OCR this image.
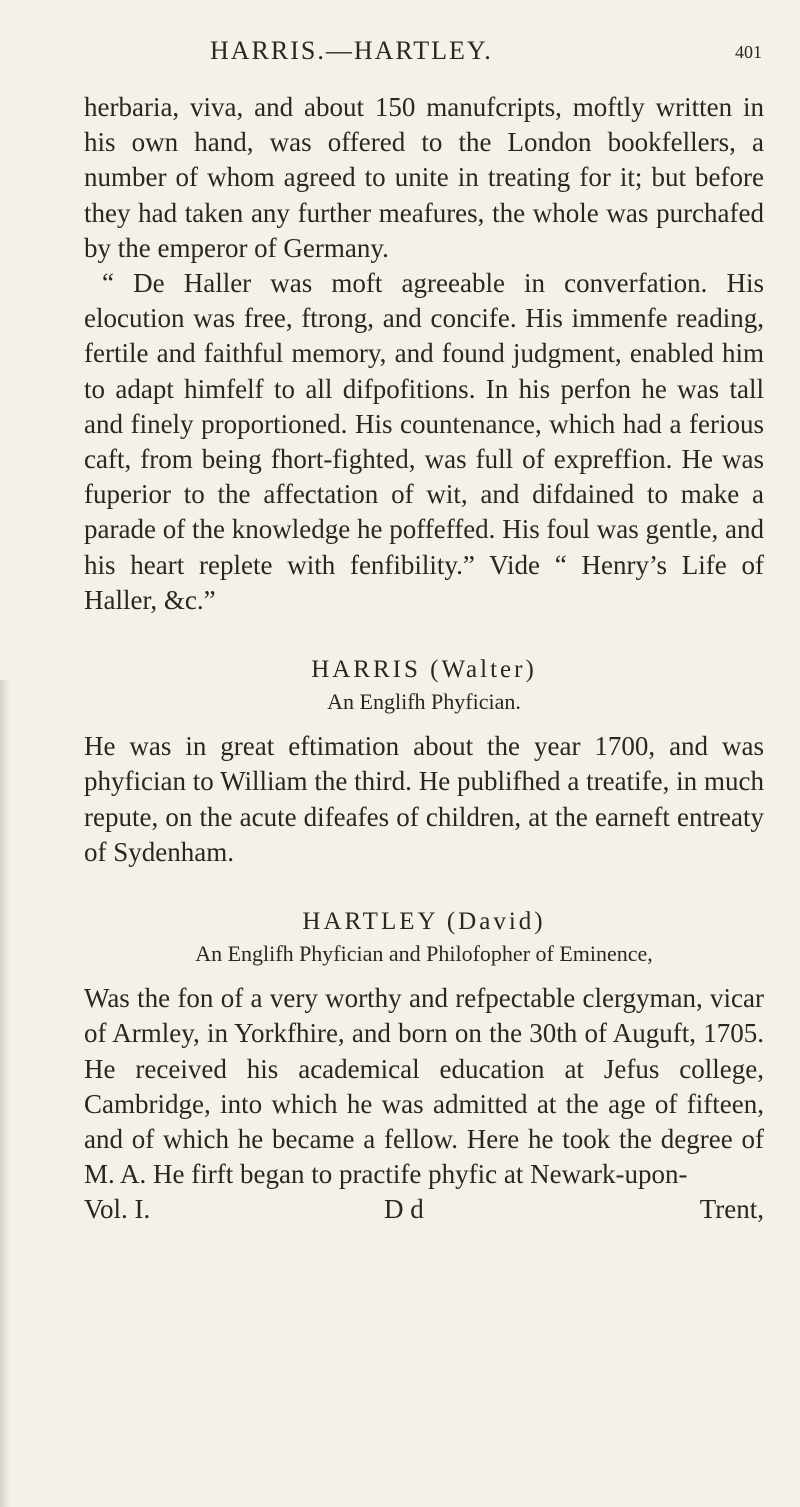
HARRIS.—HARTLEY.	401

herbaria, viva, and about 150 manufcripts, moftly written in his own hand, was offered to the London bookfellers, a number of whom agreed to unite in treating for it; but before they had taken any further meafures, the whole was purchafed by the emperor of Germany.

“ De Haller was moft agreeable in converfation. His elocution was free, ftrong, and concife. His immenfe reading, fertile and faithful memory, and found judgment, enabled him to adapt himfelf to all difpofitions. In his perfon he was tall and finely proportioned. His countenance, which had a ferious caft, from being fhort-fighted, was full of expreffion. He was fuperior to the affectation of wit, and difdained to make a parade of the knowledge he poffeffed. His foul was gentle, and his heart replete with fenfibility.” Vide “ Henry’s Life of Haller, &c.”

HARRIS (Walter)
An Englifh Phyfician.

He was in great eftimation about the year 1700, and was phyfician to William the third. He publifhed a treatife, in much repute, on the acute difeafes of children, at the earneft entreaty of Sydenham.

HARTLEY (David)
An Englifh Phyfician and Philofopher of Eminence,

Was the fon of a very worthy and refpectable clergyman, vicar of Armley, in Yorkfhire, and born on the 30th of Auguft, 1705. He received his academical education at Jefus college, Cambridge, into which he was admitted at the age of fifteen, and of which he became a fellow. Here he took the degree of M. A. He firft began to practife phyfic at Newark-upon-

Vol. I.	D d	Trent,
